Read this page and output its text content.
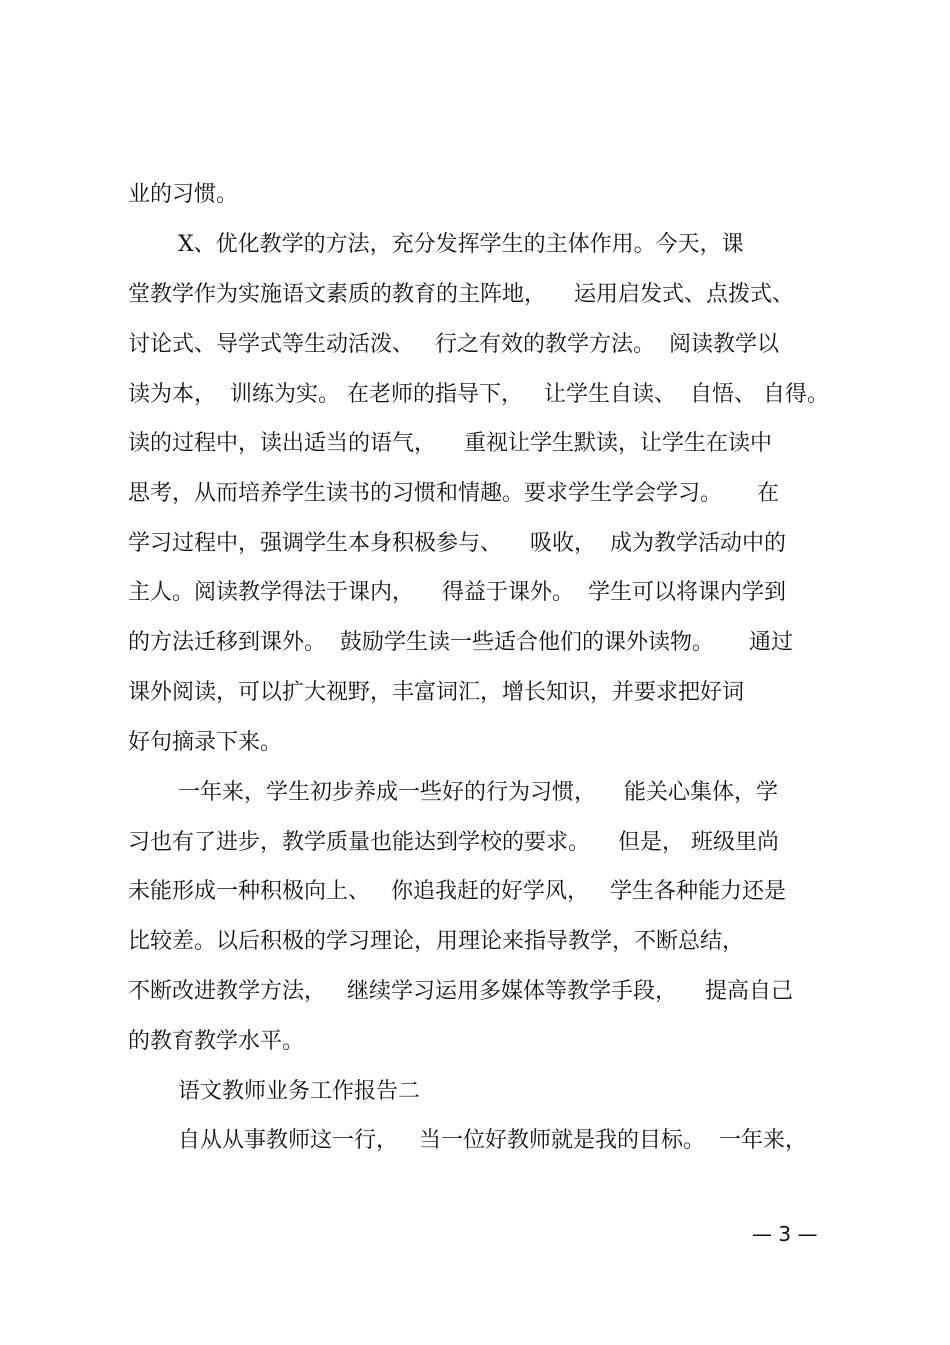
业的习惯。
X、优化教学的方法，充分发挥学生的主体作用。今天，课
堂教学作为实施语文素质的教育的主阵地，    运用启发式、点拨式、
讨论式、导学式等生动活泼、   行之有效的教学方法。  阅读教学以
读为本，  训练为实。 在老师的指导下，   让学生自读、  自悟、 自得。
读的过程中，读出适当的语气，    重视让学生默读，让学生在读中
思考，从而培养学生读书的习惯和情趣。要求学生学会学习。     在
学习过程中，强调学生本身积极参与、    吸收，  成为教学活动中的
主人。阅读教学得法于课内，    得益于课外。  学生可以将课内学到
的方法迁移到课外。  鼓励学生读一些适合他们的课外读物。     通过
课外阅读，可以扩大视野，丰富词汇，增长知识，并要求把好词
好句摘录下来。
一年来，学生初步养成一些好的行为习惯，    能关心集体，学
习也有了进步，教学质量也能达到学校的要求。    但是， 班级里尚
未能形成一种积极向上、   你追我赶的好学风，   学生各种能力还是
比较差。以后积极的学习理论，用理论来指导教学，不断总结，
不断改进教学方法，   继续学习运用多媒体等教学手段，    提高自己
的教育教学水平。
语文教师业务工作报告二
自从从事教师这一行，   当一位好教师就是我的目标。  一年来，
— 3 —
